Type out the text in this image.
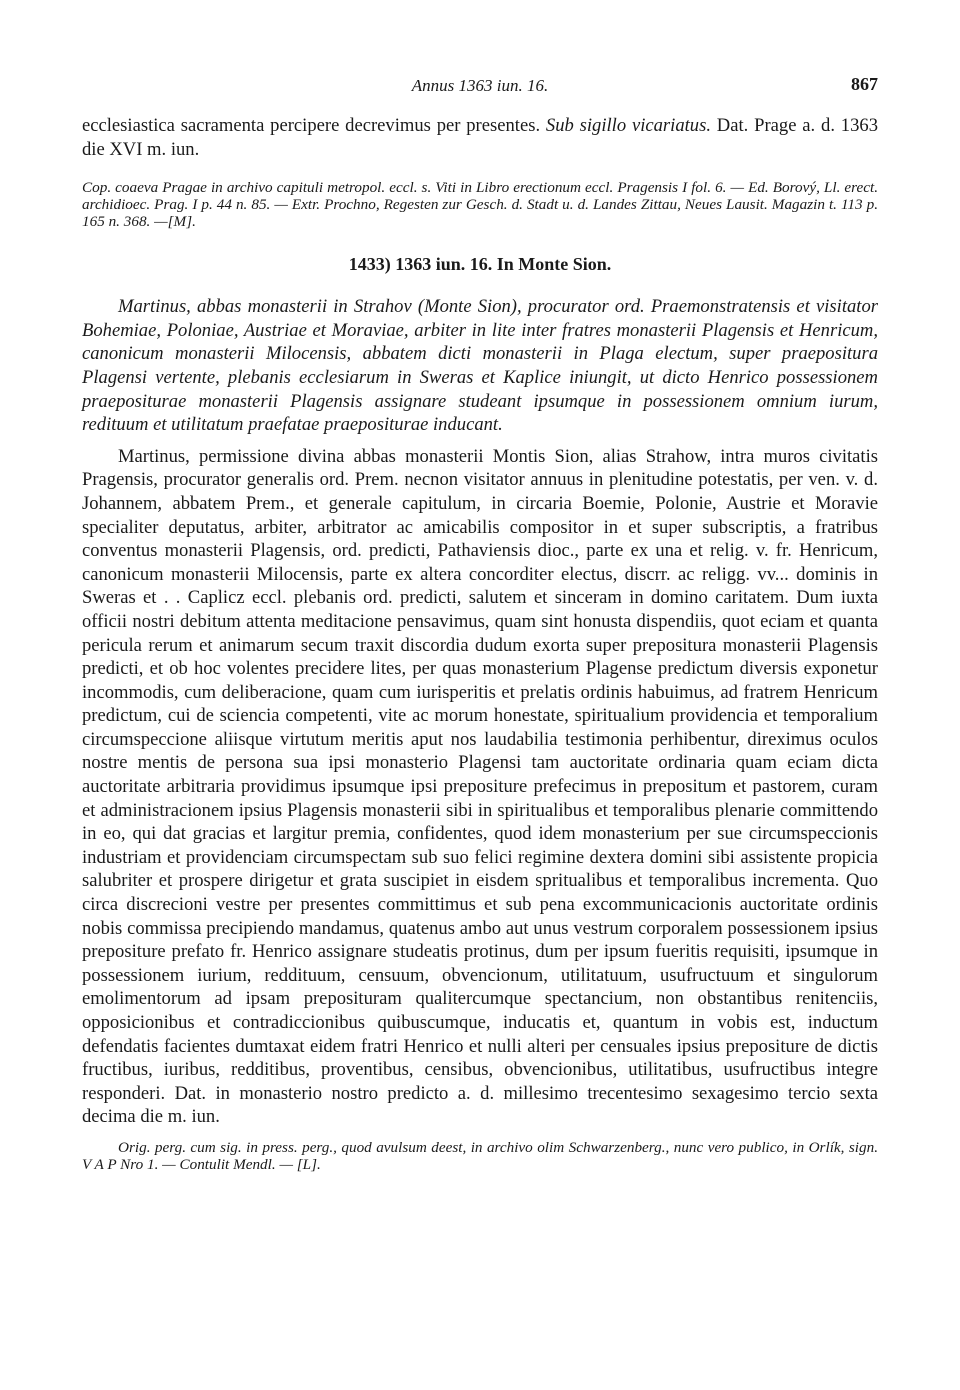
Annus 1363 iun. 16.	867

ecclesiastica sacramenta percipere decrevimus per presentes. Sub sigillo vicariatus. Dat. Prage a. d. 1363 die XVI m. iun.

Cop. coaeva Pragae in archivo capituli metropol. eccl. s. Viti in Libro erectionum eccl. Pragensis I fol. 6. — Ed. Borový, Ll. erect. archidioec. Prag. I p. 44 n. 85. — Extr. Prochno, Regesten zur Gesch. d. Stadt u. d. Landes Zittau, Neues Lausit. Magazin t. 113 p. 165 n. 368. —[M].

1433) 1363 iun. 16. In Monte Sion.

Martinus, abbas monasterii in Strahov (Monte Sion), procurator ord. Praemonstratensis et visitator Bohemiae, Poloniae, Austriae et Moraviae, arbiter in lite inter fratres monasterii Plagensis et Henricum, canonicum monasterii Milocensis, abbatem dicti monasterii in Plaga electum, super praepositura Plagensi vertente, plebanis ecclesiarum in Sweras et Kaplice iniungit, ut dicto Henrico possessionem praepositurae monasterii Plagensis assignare studeant ipsumque in possessionem omnium iurum, redituum et utilitatum praefatae praepositurae inducant.

Martinus, permissione divina abbas monasterii Montis Sion, alias Strahow, intra muros civitatis Pragensis, procurator generalis ord. Prem. necnon visitator annuus in plenitudine potestatis, per ven. v. d. Johannem, abbatem Prem., et generale capitulum, in circaria Boemie, Polonie, Austrie et Moravie specialiter deputatus, arbiter, arbitrator ac amicabilis compositor in et super subscriptis, a fratribus conventus monasterii Plagensis, ord. predicti, Pathaviensis dioc., parte ex una et relig. v. fr. Henricum, canonicum monasterii Milocensis, parte ex altera concorditer electus, discrr. ac religg. vv... dominis in Sweras et . . Caplicz eccl. plebanis ord. predicti, salutem et sinceram in domino caritatem. Dum iuxta officii nostri debitum attenta meditacione pensavimus, quam sint honusta dispendiis, quot eciam et quanta pericula rerum et animarum secum traxit discordia dudum exorta super prepositura monasterii Plagensis predicti, et ob hoc volentes precidere lites, per quas monasterium Plagense predictum diversis exponetur incommodis, cum deliberacione, quam cum iurisperitis et prelatis ordinis habuimus, ad fratrem Henricum predictum, cui de sciencia competenti, vite ac morum honestate, spiritualium providencia et temporalium circumspeccione aliisque virtutum meritis aput nos laudabilia testimonia perhibentur, direximus oculos nostre mentis de persona sua ipsi monasterio Plagensi tam auctoritate ordinaria quam eciam dicta auctoritate arbitraria providimus ipsumque ipsi prepositure prefecimus in prepositum et pastorem, curam et administracionem ipsius Plagensis monasterii sibi in spiritualibus et temporalibus plenarie committendo in eo, qui dat gracias et largitur premia, confidentes, quod idem monasterium per sue circumspeccionis industriam et providenciam circumspectam sub suo felici regimine dextera domini sibi assistente propicia salubriter et prospere dirigetur et grata suscipiet in eisdem spritualibus et temporalibus incrementa. Quo circa discrecioni vestre per presentes committimus et sub pena excommunicacionis auctoritate ordinis nobis commissa precipiendo mandamus, quatenus ambo aut unus vestrum corporalem possessionem ipsius prepositure prefato fr. Henrico assignare studeatis protinus, dum per ipsum fueritis requisiti, ipsumque in possessionem iurium, reddituum, censuum, obvencionum, utilitatuum, usufructuum et singulorum emolimentorum ad ipsam preposituram qualitercumque spectancium, non obstantibus renitenciis, opposicionibus et contradiccionibus quibuscumque, inducatis et, quantum in vobis est, inductum defendatis facientes dumtaxat eidem fratri Henrico et nulli alteri per censuales ipsius prepositure de dictis fructibus, iuribus, redditibus, proventibus, censibus, obvencionibus, utilitatibus, usufructibus integre responderi. Dat. in monasterio nostro predicto a. d. millesimo trecentesimo sexagesimo tercio sexta decima die m. iun.

Orig. perg. cum sig. in press. perg., quod avulsum deest, in archivo olim Schwarzenberg., nunc vero publico, in Orlík, sign. V A P Nro 1. — Contulit Mendl. — [L].
